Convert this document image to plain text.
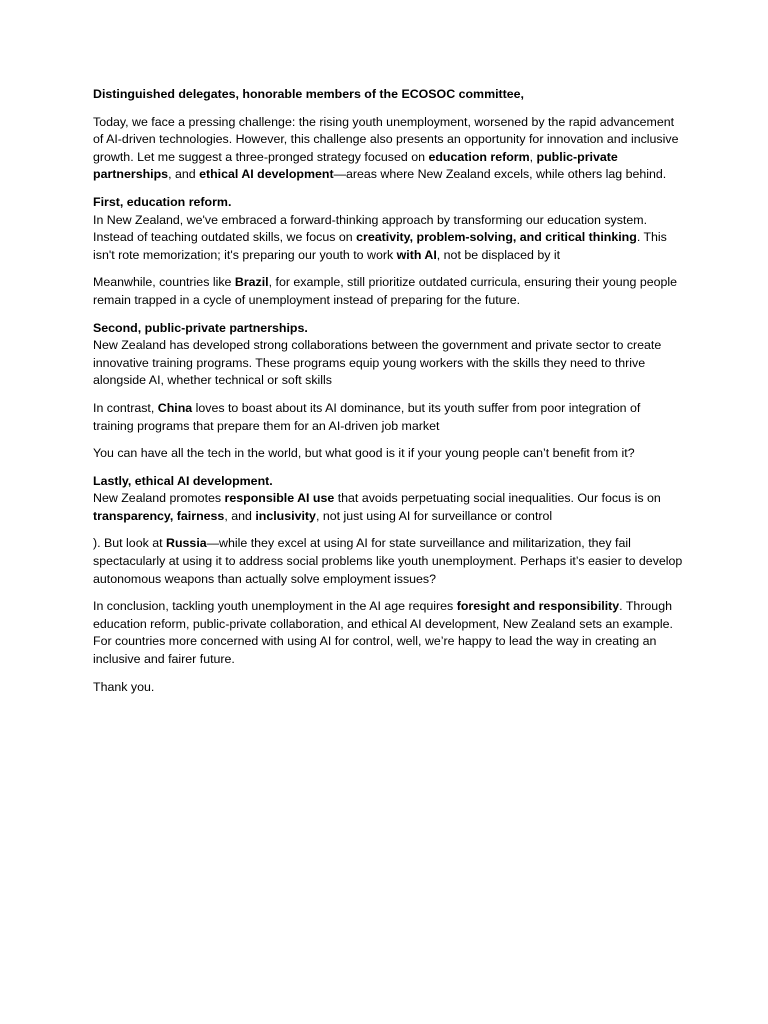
Distinguished delegates, honorable members of the ECOSOC committee,

Today, we face a pressing challenge: the rising youth unemployment, worsened by the rapid advancement of AI-driven technologies. However, this challenge also presents an opportunity for innovation and inclusive growth. Let me suggest a three-pronged strategy focused on education reform, public-private partnerships, and ethical AI development—areas where New Zealand excels, while others lag behind.

First, education reform.
In New Zealand, we've embraced a forward-thinking approach by transforming our education system. Instead of teaching outdated skills, we focus on creativity, problem-solving, and critical thinking. This isn't rote memorization; it's preparing our youth to work with AI, not be displaced by it

Meanwhile, countries like Brazil, for example, still prioritize outdated curricula, ensuring their young people remain trapped in a cycle of unemployment instead of preparing for the future.

Second, public-private partnerships.
New Zealand has developed strong collaborations between the government and private sector to create innovative training programs. These programs equip young workers with the skills they need to thrive alongside AI, whether technical or soft skills

In contrast, China loves to boast about its AI dominance, but its youth suffer from poor integration of training programs that prepare them for an AI-driven job market

You can have all the tech in the world, but what good is it if your young people can’t benefit from it?

Lastly, ethical AI development.
New Zealand promotes responsible AI use that avoids perpetuating social inequalities. Our focus is on transparency, fairness, and inclusivity, not just using AI for surveillance or control

). But look at Russia—while they excel at using AI for state surveillance and militarization, they fail spectacularly at using it to address social problems like youth unemployment. Perhaps it’s easier to develop autonomous weapons than actually solve employment issues?

In conclusion, tackling youth unemployment in the AI age requires foresight and responsibility. Through education reform, public-private collaboration, and ethical AI development, New Zealand sets an example. For countries more concerned with using AI for control, well, we’re happy to lead the way in creating an inclusive and fairer future.

Thank you.
